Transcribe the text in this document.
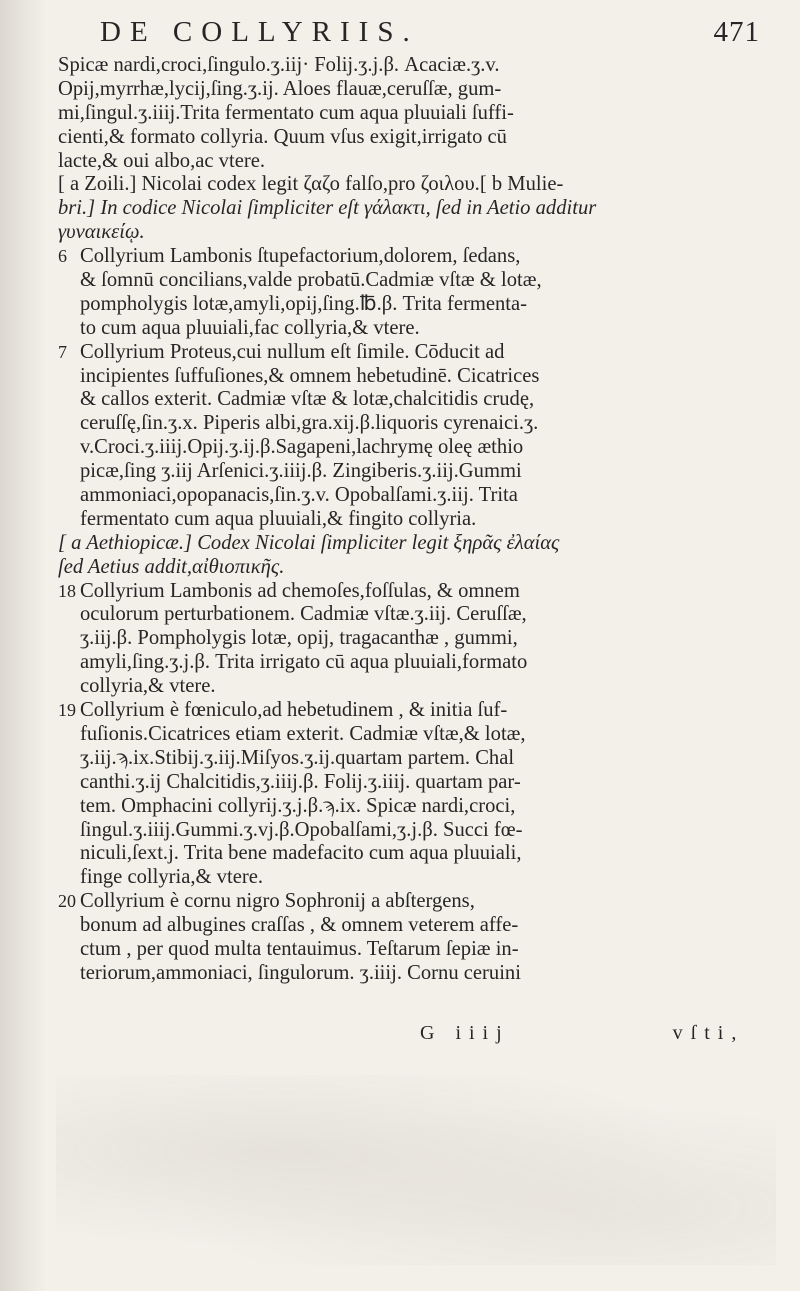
DE COLLYRIIS.	471
Spicæ nardi,croci,ſingulo.ʒ.iij· Folij.ʒ.j.β. Acaciæ.ʒ.v.
Opij,myrrhæ,lycij,ſing.ʒ.ij. Aloes flauæ,ceruſſæ, gum-
mi,ſingul.ʒ.iiij.Trita fermentato cum aqua pluuiali ſuffi-
cienti,& formato collyria. Quum vſus exigit,irrigato cū
lacte,& oui albo,ac vtere.
[ a Zoili.] Nicolai codex legit ζαζο falſo,pro ζοιλου.[ b Mulie-
bri.] In codice Nicolai ſimpliciter eſt γάλακτι, ſed in Aetio additur
γυναικείῳ.
6 Collyrium Lambonis ſtupefactorium,dolorem, ſedans,
& ſomnū concilians,valde probatū.Cadmiæ vſtæ & lotæ,
pompholygis lotæ,amyli,opij,ſing.℔.β. Trita fermenta-
to cum aqua pluuiali,fac collyria,& vtere.
7 Collyrium Proteus,cui nullum eſt ſimile. Cōducit ad
incipientes ſuffuſiones,& omnem hebetudinē. Cicatrices
& callos exterit. Cadmiæ vſtæ & lotæ,chalcitidis crudę,
ceruſſę,ſin.ʒ.x. Piperis albi,gra.xij.β.liquoris cyrenaici.ʒ.
v.Croci.ʒ.iiij.Opij.ʒ.ij.β.Sagapeni,lachrymę oleę æthio
picæ,ſing ʒ.iij Arſenici.ʒ.iiij.β. Zingiberis.ʒ.iij.Gummi
ammoniaci,opopanacis,ſin.ʒ.v. Opobalſami.ʒ.iij. Trita
fermentato cum aqua pluuiali,& fingito collyria.
[ a Aethiopicæ.] Codex Nicolai ſimpliciter legit ξηρᾶς ἐλαίας
ſed Aetius addit,αἰθιοπικῆς.
18 Collyrium Lambonis ad chemoſes,foſſulas, & omnem
oculorum perturbationem. Cadmiæ vſtæ.ʒ.iij. Ceruſſæ,
ʒ.iij.β. Pompholygis lotæ, opij, tragacanthæ , gummi,
amyli,ſing.ʒ.j.β. Trita irrigato cū aqua pluuiali,formato
collyria,& vtere.
19 Collyrium è fœniculo,ad hebetudinem , & initia ſuf-
fuſionis.Cicatrices etiam exterit. Cadmiæ vſtæ,& lotæ,
ʒ.iij.ϡ.ix.Stibij.ʒ.iij.Miſyos.ʒ.ij.quartam partem. Chal
canthi.ʒ.ij Chalcitidis,ʒ.iiij.β. Folij.ʒ.iiij. quartam par-
tem. Omphacini collyrij.ʒ.j.β.ϡ.ix. Spicæ nardi,croci,
ſingul.ʒ.iiij.Gummi.ʒ.vj.β.Opobalſami,ʒ.j.β. Succi fœ-
niculi,ſext.j. Trita bene madefacito cum aqua pluuiali,
finge collyria,& vtere.
20 Collyrium è cornu nigro Sophronij a abſtergens,
bonum ad albugines craſſas , & omnem veterem affe-
ctum , per quod multa tentauimus. Teſtarum ſepiæ in-
teriorum,ammoniaci, ſingulorum. ʒ.iiij. Cornu ceruini
G iiij	vſti,
